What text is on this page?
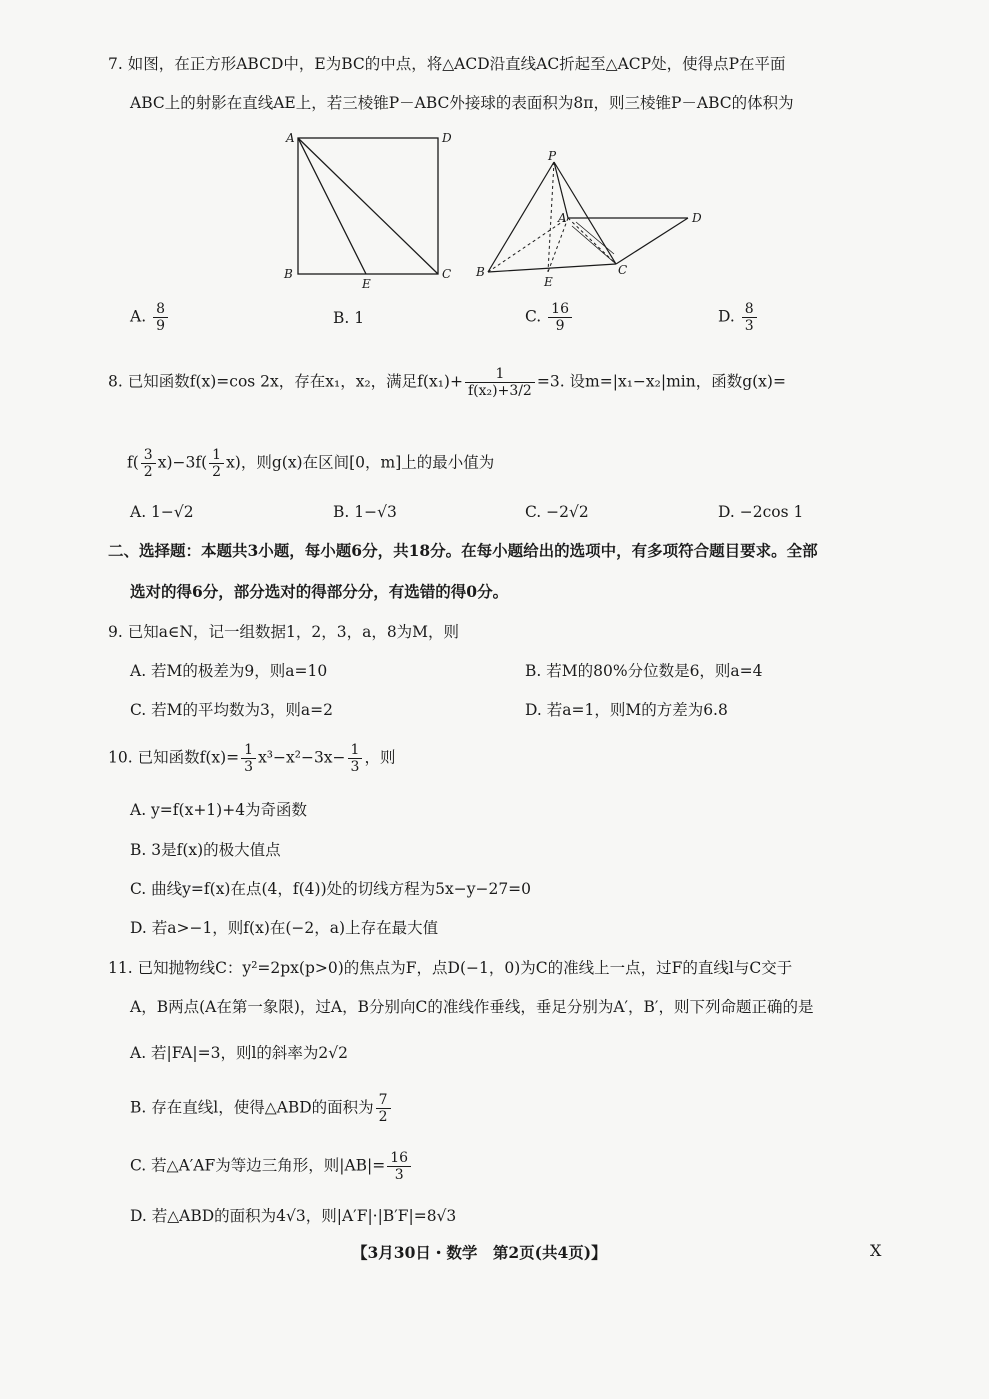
7. 如图，在正方形ABCD中，E为BC的中点，将△ACD沿直线AC折起至△ACP处，使得点P在平面
ABC上的射影在直线AE上，若三棱锥P－ABC外接球的表面积为8π，则三棱锥P－ABC的体积为
A	D
B
E
C
P
A	D
B
E
C
A. $\frac{8}{9}$	B. 1	C. $\frac{16}{9}$	D. $\frac{8}{3}$
8. 已知函数f(x)=cos 2x，存在x₁，x₂，满足$f(x_1)+ \frac{1}{\text{f(x₂)+3/2}} =3$. 设m=|x₁−x₂|min，函数g(x)=
$f( \frac{3}{2} x)-3f( \frac{1}{2} x)$，则g(x)在区间[0，m]上的最小值为
A. 1−√2	B. 1−√3	C. −2√2	D. −2cos 1
二、选择题：本题共3小题，每小题6分，共18分。在每小题给出的选项中，有多项符合题目要求。全部
选对的得6分，部分选对的得部分分，有选错的得0分。
9. 已知a∈N，记一组数据1，2，3，a，8为M，则
A. 若M的极差为9，则a=10	B. 若M的80%分位数是6，则a=4
C. 若M的平均数为3，则a=2	D. 若a=1，则M的方差为6.8
10. 已知函数$f(x)= \frac{1}{3} x^3-x^2-3x- \frac{1}{3}$ ，则
A. y=f(x+1)+4为奇函数
B. 3是f(x)的极大值点
C. 曲线y=f(x)在点(4，f(4))处的切线方程为5x−y−27=0
D. 若a>−1，则f(x)在(−2，a)上存在最大值
11. 已知抛物线C：y²=2px(p>0)的焦点为F，点D(−1，0)为C的准线上一点，过F的直线l与C交于
A，B两点(A在第一象限)，过A，B分别向C的准线作垂线，垂足分别为A′，B′，则下列命题正确的是
A. 若|FA|=3，则l的斜率为2√2
B. 存在直线l，使得△ABD的面积为 $\frac{7}{2}$
C. 若△A′AF为等边三角形，则$|AB|= \frac{16}{3}$
D. 若△ABD的面积为4√3，则|A′F|·|B′F|=8√3
【3月30日・数学　第2页(共4页)】	X
